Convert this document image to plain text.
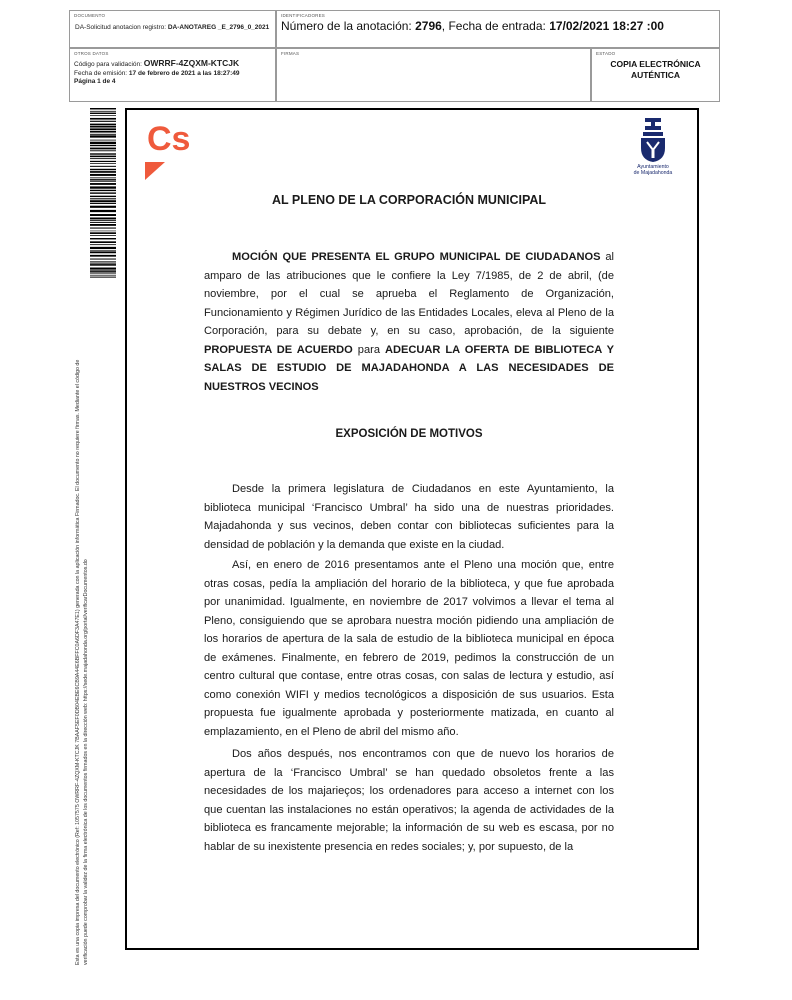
DOCUMENTO
DA-Solicitud anotacion registro: DA-ANOTAREG _E_2796_0_2021
IDENTIFICADORES
Número de la anotación: 2796, Fecha de entrada: 17/02/2021 18:27 :00
OTROS DATOS
Código para validación: OWRRF-4ZQXM-KTCJK
Fecha de emisión: 17 de febrero de 2021 a las 18:27:49
Página 1 de 4
FIRMAS	ESTADO
COPIA ELECTRÓNICA
AUTÉNTICA
Esta es una copia impresa del documento electrónico (Ref: 1057575 OWRRF-4ZQXM-KTCJK 7BAAF5EF0DB04EBE6CB9A44E6BFFC0A6DF3A47E1) generada con la aplicación informática Firmadoc. El documento no requiere firmas. Mediante el código de verificación puede comprobar la validez de la firma electrónica de los documentos firmados en la dirección web: https://sede.majadahonda.org/portal/verificarDocumentos.do
Cs
Ayuntamiento
de Majadahonda
AL PLENO DE LA CORPORACIÓN MUNICIPAL
MOCIÓN QUE PRESENTA EL GRUPO MUNICIPAL DE CIUDADANOS al amparo de las atribuciones que le confiere la Ley 7/1985, de 2 de abril, (de noviembre, por el cual se aprueba el Reglamento de Organización, Funcionamiento y Régimen Jurídico de las Entidades Locales, eleva al Pleno de la Corporación, para su debate y, en su caso, aprobación, de la siguiente PROPUESTA DE ACUERDO para ADECUAR LA OFERTA DE BIBLIOTECA Y SALAS DE ESTUDIO DE MAJADAHONDA A LAS NECESIDADES DE NUESTROS VECINOS
EXPOSICIÓN DE MOTIVOS
Desde la primera legislatura de Ciudadanos en este Ayuntamiento, la biblioteca municipal ‘Francisco Umbral’ ha sido una de nuestras prioridades. Majadahonda y sus vecinos, deben contar con bibliotecas suficientes para la densidad de población y la demanda que existe en la ciudad.
Así, en enero de 2016 presentamos ante el Pleno una moción que, entre otras cosas, pedía la ampliación del horario de la biblioteca, y que fue aprobada por unanimidad. Igualmente, en noviembre de 2017 volvimos a llevar el tema al Pleno, consiguiendo que se aprobara nuestra moción pidiendo una ampliación de los horarios de apertura de la sala de estudio de la biblioteca municipal en época de exámenes. Finalmente, en febrero de 2019, pedimos la construcción de un centro cultural que contase, entre otras cosas, con salas de lectura y estudio, así como conexión WIFI y medios tecnológicos a disposición de sus usuarios. Esta propuesta fue igualmente aprobada y posteriormente matizada, en cuanto al emplazamiento, en el Pleno de abril del mismo año.
Dos años después, nos encontramos con que de nuevo los horarios de apertura de la ‘Francisco Umbral’ se han quedado obsoletos frente a las necesidades de los majarieços; los ordenadores para acceso a internet con los que cuentan las instalaciones no están operativos; la agenda de actividades de la biblioteca es francamente mejorable; la información de su web es escasa, por no hablar de su inexistente presencia en redes sociales; y, por supuesto, de la
